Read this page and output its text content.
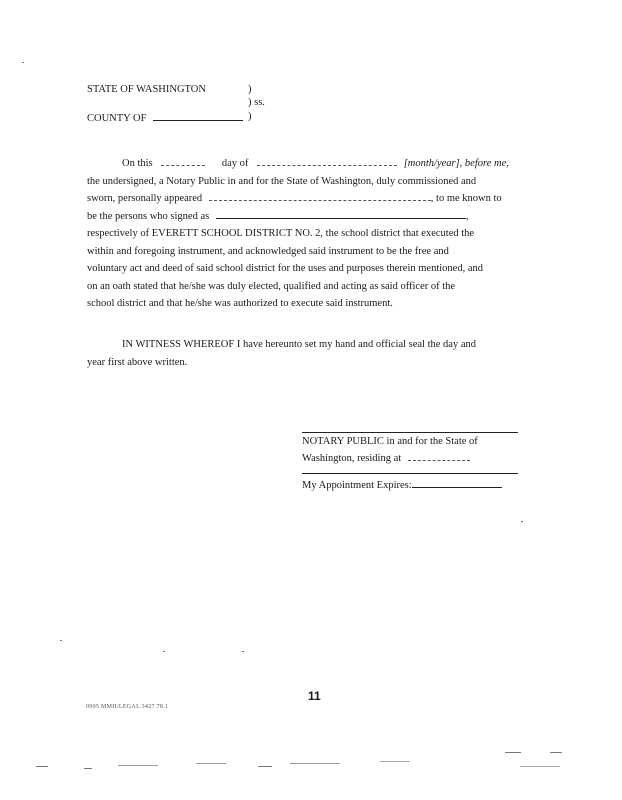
STATE OF WASHINGTON	)
) ss.
COUNTY OF	)
On this	day of	[month/year], before me,
the undersigned, a Notary Public in and for the State of Washington, duly commissioned and
sworn, personally appeared	, to me known to
be the persons who signed as	,
respectively of EVERETT SCHOOL DISTRICT NO. 2, the school district that executed the
within and foregoing instrument, and acknowledged said instrument to be the free and
voluntary act and deed of said school district for the uses and purposes therein mentioned, and
on an oath stated that he/she was duly elected, qualified and acting as said officer of the
school district and that he/she was authorized to execute said instrument.
IN WITNESS WHEREOF I have hereunto set my hand and official seal the day and
year first above written.
NOTARY PUBLIC in and for the State of
Washington, residing at
My Appointment Expires:
11
0905 MMH/LEGAL 3427.78.1
